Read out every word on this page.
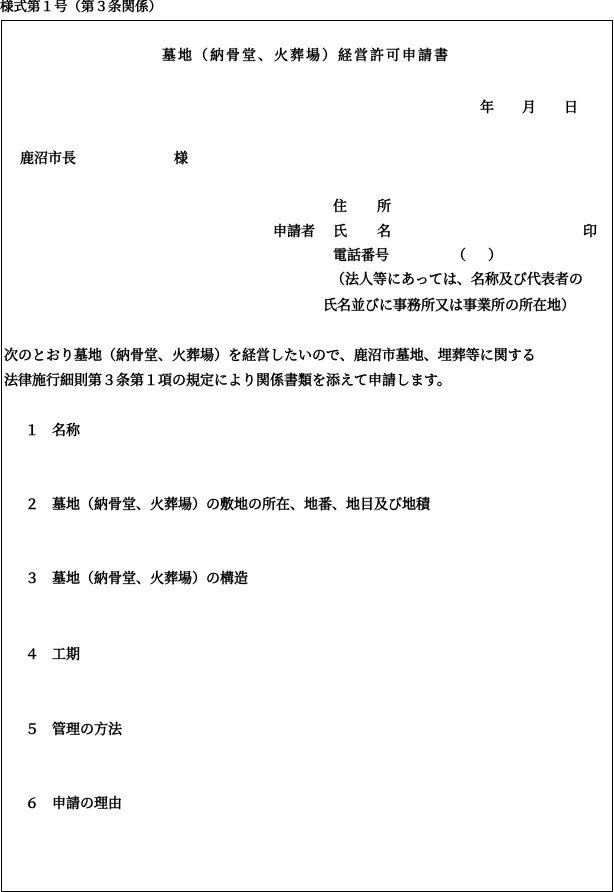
様式第１号（第３条関係）
墓地（納骨堂、火葬場）経営許可申請書
年 月 日
鹿沼市長	様
住 所
申請者 氏 名	印
電話番号	（ ）
（法人等にあっては、名称及び代表者の
氏名並びに事務所又は事業所の所在地）
次のとおり墓地（納骨堂、火葬場）を経営したいので、鹿沼市墓地、埋葬等に関する
法律施行細則第３条第１項の規定により関係書類を添えて申請します。
１ 名称
２ 墓地（納骨堂、火葬場）の敷地の所在、地番、地目及び地積
３ 墓地（納骨堂、火葬場）の構造
４ 工期
５ 管理の方法
６ 申請の理由
